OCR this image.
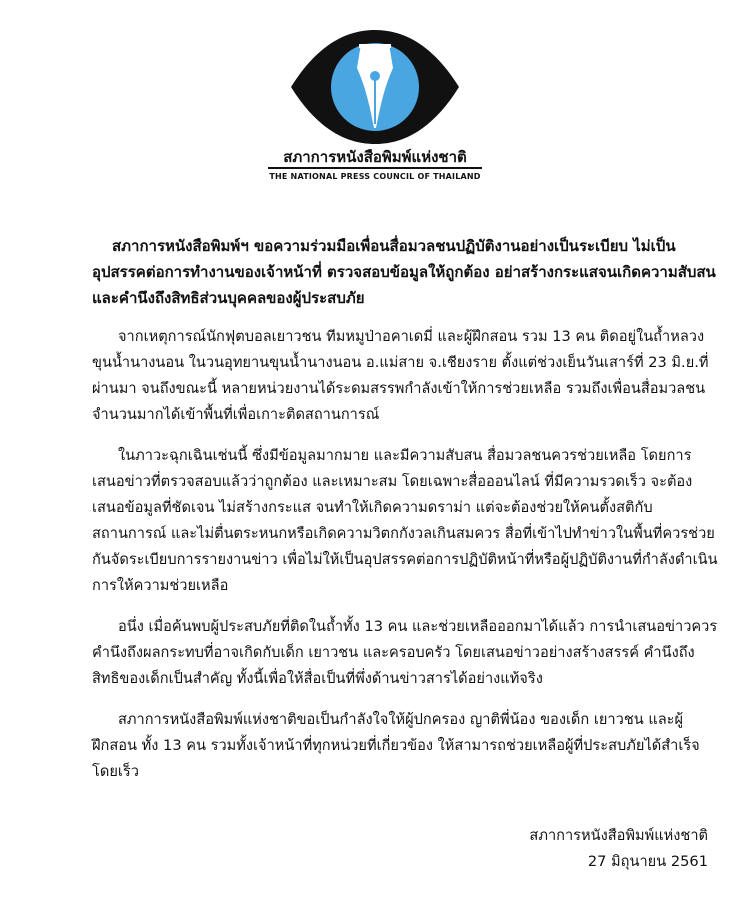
สภาการหนังสือพิมพ์แห่งชาติ
THE NATIONAL PRESS COUNCIL OF THAILAND

สภาการหนังสือพิมพ์ฯ ขอความร่วมมือเพื่อนสื่อมวลชนปฏิบัติงานอย่างเป็นระเบียบ ไม่เป็นอุปสรรคต่อการทำงานของเจ้าหน้าที่ ตรวจสอบข้อมูลให้ถูกต้อง อย่าสร้างกระแสจนเกิดความสับสน และคำนึงถึงสิทธิส่วนบุคคลของผู้ประสบภัย

จากเหตุการณ์นักฟุตบอลเยาวชน ทีมหมูป่าอคาเดมี่ และผู้ฝึกสอน รวม 13 คน ติดอยู่ในถ้ำหลวง ขุนน้ำนางนอน ในวนอุทยานขุนน้ำนางนอน อ.แม่สาย จ.เชียงราย ตั้งแต่ช่วงเย็นวันเสาร์ที่ 23 มิ.ย.ที่ผ่านมา จนถึงขณะนี้ หลายหน่วยงานได้ระดมสรรพกำลังเข้าให้การช่วยเหลือ รวมถึงเพื่อนสื่อมวลชนจำนวนมากได้เข้าพื้นที่เพื่อเกาะติดสถานการณ์

ในภาวะฉุกเฉินเช่นนี้ ซึ่งมีข้อมูลมากมาย และมีความสับสน สื่อมวลชนควรช่วยเหลือ โดยการเสนอข่าวที่ตรวจสอบแล้วว่าถูกต้อง และเหมาะสม โดยเฉพาะสื่อออนไลน์ ที่มีความรวดเร็ว จะต้องเสนอข้อมูลที่ชัดเจน ไม่สร้างกระแส จนทำให้เกิดความดราม่า แต่จะต้องช่วยให้คนตั้งสติกับสถานการณ์ และไม่ตื่นตระหนกหรือเกิดความวิตกกังวลเกินสมควร สื่อที่เข้าไปทำข่าวในพื้นที่ควรช่วยกันจัดระเบียบการรายงานข่าว เพื่อไม่ให้เป็นอุปสรรคต่อการปฏิบัติหน้าที่หรือผู้ปฏิบัติงานที่กำลังดำเนินการให้ความช่วยเหลือ

อนึ่ง เมื่อค้นพบผู้ประสบภัยที่ติดในถ้ำทั้ง 13 คน และช่วยเหลือออกมาได้แล้ว การนำเสนอข่าวควรคำนึงถึงผลกระทบที่อาจเกิดกับเด็ก เยาวชน และครอบครัว โดยเสนอข่าวอย่างสร้างสรรค์ คำนึงถึงสิทธิของเด็กเป็นสำคัญ ทั้งนี้เพื่อให้สื่อเป็นที่พึ่งด้านข่าวสารได้อย่างแท้จริง

สภาการหนังสือพิมพ์แห่งชาติขอเป็นกำลังใจให้ผู้ปกครอง ญาติพี่น้อง ของเด็ก เยาวชน และผู้ฝึกสอน ทั้ง 13 คน รวมทั้งเจ้าหน้าที่ทุกหน่วยที่เกี่ยวข้อง ให้สามารถช่วยเหลือผู้ที่ประสบภัยได้สำเร็จโดยเร็ว

สภาการหนังสือพิมพ์แห่งชาติ
27 มิถุนายน 2561
